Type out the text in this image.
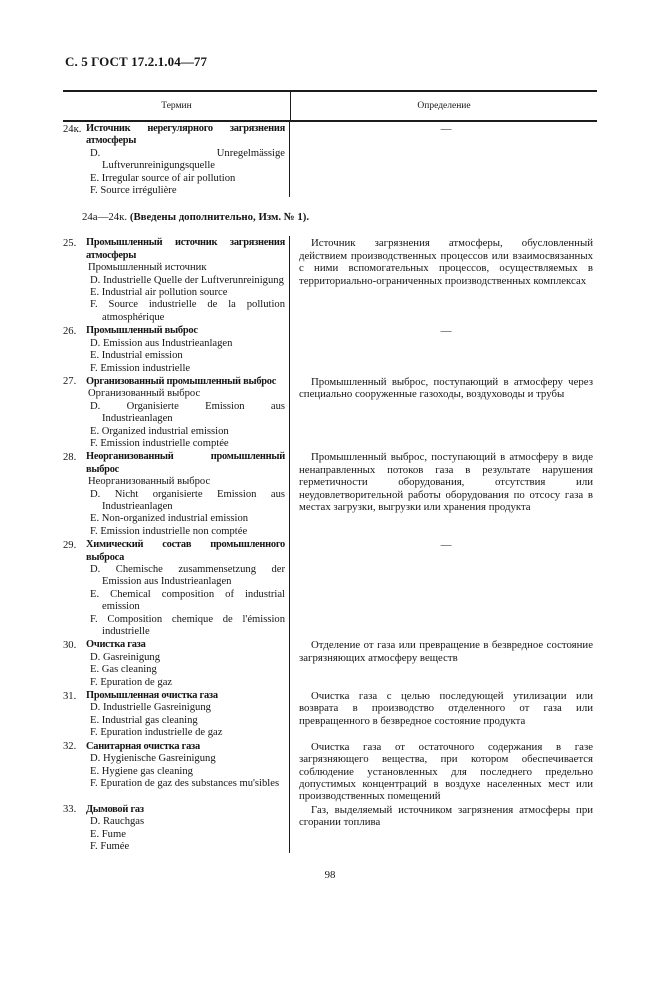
С. 5 ГОСТ 17.2.1.04—77
Термин	Определение
24к. Источник нерегулярного загрязнения атмосферы
D. Unregelmässige Luftverunreinigungsquelle
E. Irregular source of air pollution
F. Source irrégulière

—

24а—24к. (Введены дополнительно, Изм. № 1).
25. Промышленный источник загрязнения атмосферы
Промышленный источник
D. Industrielle Quelle der Luftverunreinigung
E. Industrial air pollution source
F. Source industrielle de la pollution atmosphérique

Источник загрязнения атмосферы, обусловленный действием производственных процессов или взаимосвязанных с ними вспомогательных процессов, осуществляемых в территориально-ограниченных производственных комплексах

26. Промышленный выброс
D. Emission aus Industrieanlagen
E. Industrial emission
F. Emission industrielle

—

27. Организованный промышленный выброс
Организованный выброс
D. Organisierte Emission aus Industrieanlagen
E. Organized industrial emission
F. Emission industrielle comptée

Промышленный выброс, поступающий в атмосферу через специально сооруженные газоходы, воздуховоды и трубы

28. Неорганизованный промышленный выброс
Неорганизованный выброс
D. Nicht organisierte Emission aus Industrieanlagen
E. Non-organized industrial emission
F. Emission industrielle non comptée

Промышленный выброс, поступающий в атмосферу в виде ненаправленных потоков газа в результате нарушения герметичности оборудования, отсутствия или неудовлетворительной работы оборудования по отсосу газа в местах загрузки, выгрузки или хранения продукта

29. Химический состав промышленного выброса
D. Chemische zusammensetzung der Emission aus Industrieanlagen
E. Chemical composition of industrial emission
F. Composition chemique de l'émission industrielle

—

30. Очистка газа
D. Gasreinigung
E. Gas cleaning
F. Epuration de gaz

Отделение от газа или превращение в безвредное состояние загрязняющих атмосферу веществ

31. Промышленная очистка газа
D. Industrielle Gasreinigung
E. Industrial gas cleaning
F. Epuration industrielle de gaz

Очистка газа с целью последующей утилизации или возврата в производство отделенного от газа или превращенного в безвредное состояние продукта

32. Санитарная очистка газа
D. Hygienische Gasreinigung
E. Hygiene gas cleaning
F. Epuration de gaz des substances mu'sibles

Очистка газа от остаточного содержания в газе загрязняющего вещества, при котором обеспечивается соблюдение установленных для последнего предельно допустимых концентраций в воздухе населенных мест или производственных помещений

33. Дымовой газ
D. Rauchgas
E. Fume
F. Fumée

Газ, выделяемый источником загрязнения атмосферы при сгорании топлива

98
